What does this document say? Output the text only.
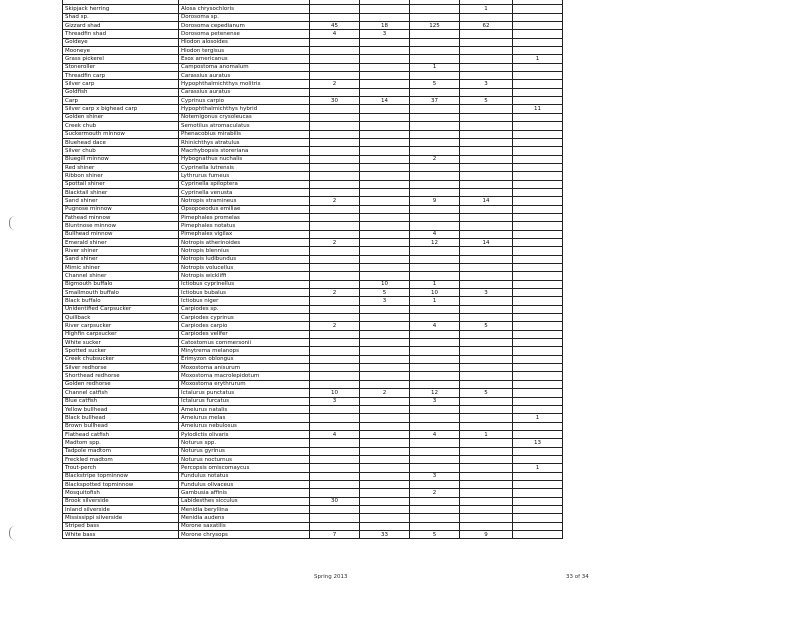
Skipjack herring	Alosa chrysochloris				1	
Shad sp.	Dorosoma sp.					
Gizzard shad	Dorosoma cepedianum	45	18	125	62	
Threadfin shad	Dorosoma petenense	4	3			
Goldeye	Hiodon alosoides					
Mooneye	Hiodon tergisus					
Grass pickerel	Esox americanus					1
Stoneroller	Campostoma anomalum			1		
Threadfin carp	Carassius auratus					
Silver carp	Hypophthalmichthys molitrix	2		5	3	
Goldfish	Carassius auratus					
Carp	Cyprinus carpio	30	14	37	5	
Silver carp x bighead carp	Hypophthalmichthys hybrid					11
Golden shiner	Notemigonus crysoleucas					
Creek chub	Semotilus atromaculatus					
Suckermouth minnow	Phenacobius mirabilis					
Bluehead dace	Rhinichthys atratulus					
Silver chub	Macrhybopsis storeriana					
Bluegill minnow	Hybognathus nuchalis			2		
Red shiner	Cyprinella lutrensis					
Ribbon shiner	Lythrurus fumeus					
Spottail shiner	Cyprinella spiloptera					
Blacktail shiner	Cyprinella venusta					
Sand shiner	Notropis stramineus	2		9	14	
Pugnose minnow	Opsopoeodus emiliae					
Fathead minnow	Pimephales promelas					
Bluntnose minnow	Pimephales notatus					
Bullhead minnow	Pimephales vigilax			4		
Emerald shiner	Notropis atherinoides	2		12	14	
River shiner	Notropis blennius					
Sand shiner	Notropis ludibundus					
Mimic shiner	Notropis volucellus					
Channel shiner	Notropis wickliffi					
Bigmouth buffalo	Ictiobus cyprinellus		10	1		
Smallmouth buffalo	Ictiobus bubalus	2	5	10	3	
Black buffalo	Ictiobus niger		3	1		
Unidentified Carpsucker	Carpiodes sp.					
Quillback	Carpiodes cyprinus					
River carpsucker	Carpiodes carpio	2		4	5	
Highfin carpsucker	Carpiodes velifer					
White sucker	Catostomus commersonii					
Spotted sucker	Minytrema melanops					
Creek chubsucker	Erimyzon oblongus					
Silver redhorse	Moxostoma anisurum					
Shorthead redhorse	Moxostoma macrolepidotum					
Golden redhorse	Moxostoma erythrurum					
Channel catfish	Ictalurus punctatus	10	2	12	5	
Blue catfish	Ictalurus furcatus	3		3		
Yellow bullhead	Ameiurus natalis					
Black bullhead	Ameiurus melas					1
Brown bullhead	Ameiurus nebulosus					
Flathead catfish	Pylodictis olivaris	4		4	1	
Madtom spp.	Noturus spp.					13
Tadpole madtom	Noturus gyrinus					
Freckled madtom	Noturus nocturnus					
Trout-perch	Percopsis omiscomaycus					1
Blackstripe topminnow	Fundulus notatus			3		
Blackspotted topminnow	Fundulus olivaceus					
Mosquitofish	Gambusia affinis			2		
Brook silverside	Labidesthes sicculus	30				
Inland silverside	Menidia beryllina					
Mississippi silverside	Menidia audens					
Striped bass	Morone saxatilis					
White bass	Morone chrysops	7	33	5	9	
Spring 2013	33 of 34
